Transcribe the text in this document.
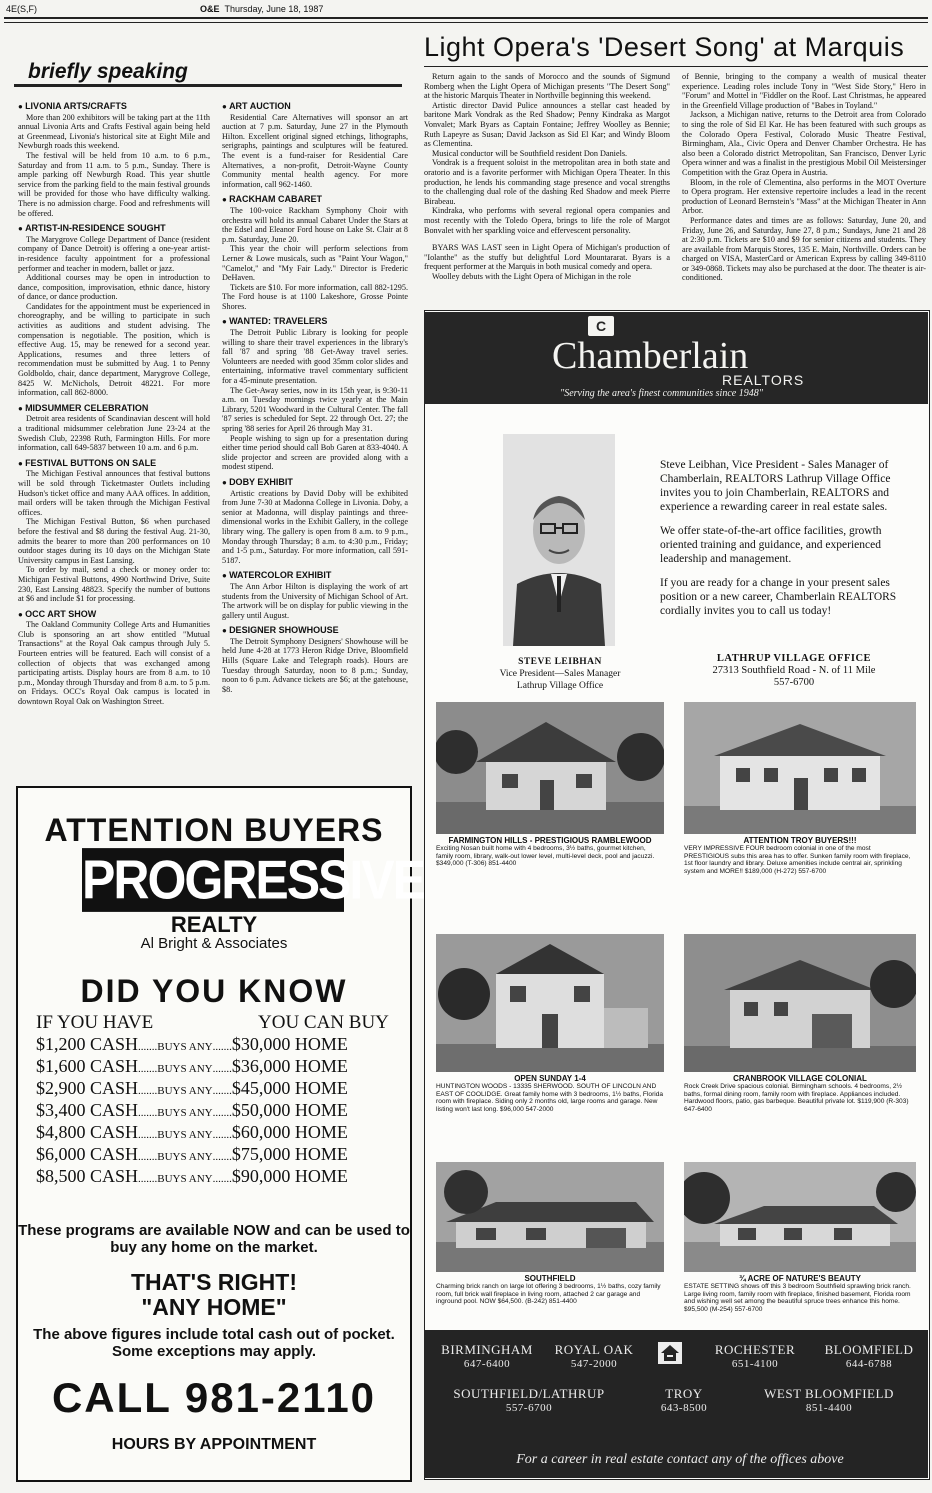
4E(S,F)	O&E Thursday, June 18, 1987
Light Opera's 'Desert Song' at Marquis
briefly speaking
● LIVONIA ARTS/CRAFTS

More than 200 exhibitors will be taking part at the 11th annual Livonia Arts and Crafts Festival again being held at Greenmead, Livonia's historical site at Eight Mile and Newburgh roads this weekend.

The festival will be held from 10 a.m. to 6 p.m., Saturday and from 11 a.m. to 5 p.m., Sunday. There is ample parking off Newburgh Road. This year shuttle service from the parking field to the main festival grounds will be provided for those who have difficulty walking. There is no admission charge. Food and refreshments will be offered.

● ARTIST-IN-RESIDENCE SOUGHT

The Marygrove College Department of Dance (resident company of Dance Detroit) is offering a one-year artist-in-residence faculty appointment for a professional performer and teacher in modern, ballet or jazz.

Additional courses may be open in introduction to dance, composition, improvisation, ethnic dance, history of dance, or dance production.

Candidates for the appointment must be experienced in choreography, and be willing to participate in such activities as auditions and student advising. The compensation is negotiable. The position, which is effective Aug. 15, may be renewed for a second year. Applications, resumes and three letters of recommendation must be submitted by Aug. 1 to Penny Goldboldo, chair, dance department, Marygrove College, 8425 W. McNichols, Detroit 48221. For more information, call 862-8000.

● MIDSUMMER CELEBRATION

Detroit area residents of Scandinavian descent will hold a traditional midsummer celebration June 23-24 at the Swedish Club, 22398 Ruth, Farmington Hills. For more information, call 649-5837 between 10 a.m. and 6 p.m.

● FESTIVAL BUTTONS ON SALE

The Michigan Festival announces that festival buttons will be sold through Ticketmaster Outlets including Hudson's ticket office and many AAA offices. In addition, mail orders will be taken through the Michigan Festival offices.

The Michigan Festival Button, $6 when purchased before the festival and $8 during the festival Aug. 21-30, admits the bearer to more than 200 performances on 10 outdoor stages during its 10 days on the Michigan State University campus in East Lansing.

To order by mail, send a check or money order to: Michigan Festival Buttons, 4990 Northwind Drive, Suite 230, East Lansing 48823. Specify the number of buttons at $6 and include $1 for processing.

● OCC ART SHOW

The Oakland Community College Arts and Humanities Club is sponsoring an art show entitled "Mutual Transactions" at the Royal Oak campus through July 5. Fourteen entries will be featured. Each will consist of a collection of objects that was exchanged among participating artists. Display hours are from 8 a.m. to 10 p.m., Monday through Thursday and from 8 a.m. to 5 p.m. on Fridays. OCC's Royal Oak campus is located in downtown Royal Oak on Washington Street.

● ART AUCTION

Residential Care Alternatives will sponsor an art auction at 7 p.m. Saturday, June 27 in the Plymouth Hilton. Excellent original signed etchings, lithographs, serigraphs, paintings and sculptures will be featured. The event is a fund-raiser for Residential Care Alternatives, a non-profit, Detroit-Wayne County Community mental health agency. For more information, call 962-1460.

● RACKHAM CABARET

The 100-voice Rackham Symphony Choir with orchestra will hold its annual Cabaret Under the Stars at the Edsel and Eleanor Ford house on Lake St. Clair at 8 p.m. Saturday, June 20.

This year the choir will perform selections from Lerner & Lowe musicals, such as "Paint Your Wagon," "Camelot," and "My Fair Lady." Director is Frederic DeHaven.

Tickets are $10. For more information, call 882-1295. The Ford house is at 1100 Lakeshore, Grosse Pointe Shores.

● WANTED: TRAVELERS

The Detroit Public Library is looking for people willing to share their travel experiences in the library's fall '87 and spring '88 Get-Away travel series. Volunteers are needed with good 35mm color slides and entertaining, informative travel commentary sufficient for a 45-minute presentation.

The Get-Away series, now in its 15th year, is 9:30-11 a.m. on Tuesday mornings twice yearly at the Main Library, 5201 Woodward in the Cultural Center. The fall '87 series is scheduled for Sept. 22 through Oct. 27; the spring '88 series for April 26 through May 31.

People wishing to sign up for a presentation during either time period should call Bob Garen at 833-4040. A slide projector and screen are provided along with a modest stipend.

● DOBY EXHIBIT

Artistic creations by David Doby will be exhibited from June 7-30 at Madonna College in Livonia. Doby, a senior at Madonna, will display paintings and three-dimensional works in the Exhibit Gallery, in the college library wing. The gallery is open from 8 a.m. to 9 p.m., Monday through Thursday; 8 a.m. to 4:30 p.m., Friday; and 1-5 p.m., Saturday. For more information, call 591-5187.

● WATERCOLOR EXHIBIT

The Ann Arbor Hilton is displaying the work of art students from the University of Michigan School of Art. The artwork will be on display for public viewing in the gallery until August.

● DESIGNER SHOWHOUSE

The Detroit Symphony Designers' Showhouse will be held June 4-28 at 1773 Heron Ridge Drive, Bloomfield Hills (Square Lake and Telegraph roads). Hours are Tuesday through Saturday, noon to 8 p.m.; Sunday, noon to 6 p.m. Advance tickets are $6; at the gatehouse, $8.

Return again to the sands of Morocco and the sounds of Sigmund Romberg when the Light Opera of Michigan presents "The Desert Song" at the historic Marquis Theater in Northville beginning this weekend.

Artistic director David Pulice announces a stellar cast headed by baritone Mark Vondrak as the Red Shadow; Penny Kindraka as Margot Vonvalet; Mark Byars as Captain Fontaine; Jeffrey Woolley as Bennie; Ruth Lapeyre as Susan; David Jackson as Sid El Kar; and Windy Bloom as Clementina.

Musical conductor will be Southfield resident Don Daniels.

Vondrak is a frequent soloist in the metropolitan area in both state and oratorio and is a favorite performer with Michigan Opera Theater. In this production, he lends his commanding stage presence and vocal strengths to the challenging dual role of the dashing Red Shadow and meek Pierre Birabeau.

Kindraka, who performs with several regional opera companies and most recently with the Toledo Opera, brings to life the role of Margot Bonvalet with her sparkling voice and effervescent personality.

BYARS WAS LAST seen in Light Opera of Michigan's production of "Iolanthe" as the stuffy but delightful Lord Mountararat. Byars is a frequent performer at the Marquis in both musical comedy and opera.

Woolley debuts with the Light Opera of Michigan in the role

of Bennie, bringing to the company a wealth of musical theater experience. Leading roles include Tony in "West Side Story," Hero in "Forum" and Mottel in "Fiddler on the Roof. Last Christmas, he appeared in the Greenfield Village production of "Babes in Toyland."

Jackson, a Michigan native, returns to the Detroit area from Colorado to sing the role of Sid El Kar. He has been featured with such groups as the Colorado Opera Festival, Colorado Music Theatre Festival, Birmingham, Ala., Civic Opera and Denver Chamber Orchestra. He has also been a Colorado district Metropolitan, San Francisco, Denver Lyric Opera winner and was a finalist in the prestigious Mobil Oil Meistersinger Competition with the Graz Opera in Austria.

Bloom, in the role of Clementina, also performs in the MOT Overture to Opera program. Her extensive repertoire includes a lead in the recent production of Leonard Bernstein's "Mass" at the Michigan Theater in Ann Arbor.

Performance dates and times are as follows: Saturday, June 20, and Friday, June 26, and Saturday, June 27, 8 p.m.; Sundays, June 21 and 28 at 2:30 p.m. Tickets are $10 and $9 for senior citizens and students. They are available from Marquis Stores, 135 E. Main, Northville. Orders can be charged on VISA, MasterCard or American Express by calling 349-8110 or 349-0868. Tickets may also be purchased at the door. The theater is air-conditioned.

ATTENTION BUYERS
PROGRESSIVE
REALTY
Al Bright & Associates
DID YOU KNOW
IF YOU HAVE	YOU CAN BUY
$1,200 CASH ....... BUYS ANY ....... $30,000 HOME
$1,600 CASH ....... BUYS ANY ....... $36,000 HOME
$2,900 CASH ....... BUYS ANY ....... $45,000 HOME
$3,400 CASH ....... BUYS ANY ....... $50,000 HOME
$4,800 CASH ....... BUYS ANY ....... $60,000 HOME
$6,000 CASH ....... BUYS ANY ....... $75,000 HOME
$8,500 CASH ....... BUYS ANY ....... $90,000 HOME
These programs are available NOW and can be used to buy any home on the market.
THAT'S RIGHT!
"ANY HOME"
The above figures include total cash out of pocket. Some exceptions may apply.
CALL 981-2110
HOURS BY APPOINTMENT
C
Chamberlain
REALTORS
"Serving the area's finest communities since 1948"
STEVE LEIBHAN
Vice President—Sales Manager
Lathrup Village Office

Steve Leibhan, Vice President - Sales Manager of Chamberlain, REALTORS Lathrup Village Office invites you to join Chamberlain, REALTORS and experience a rewarding career in real estate sales.

We offer state-of-the-art office facilities, growth oriented training and guidance, and experienced leadership and management.

If you are ready for a change in your present sales position or a new career, Chamberlain REALTORS cordially invites you to call us today!

LATHRUP VILLAGE OFFICE
27313 Southfield Road - N. of 11 Mile
557-6700
FARMINGTON HILLS - PRESTIGIOUS RAMBLEWOOD
Exciting Nosan built home with 4 bedrooms, 3½ baths, gourmet kitchen, family room, library, walk-out lower level, multi-level deck, pool and jacuzzi. $349,000 (T-306) 851-4400
ATTENTION TROY BUYERS!!!
VERY IMPRESSIVE FOUR bedroom colonial in one of the most PRESTIGIOUS subs this area has to offer. Sunken family room with fireplace, 1st floor laundry and library. Deluxe amenities include central air, sprinkling system and MORE!! $189,000 (H-272) 557-6700
OPEN SUNDAY 1-4
HUNTINGTON WOODS - 13335 SHERWOOD. SOUTH OF LINCOLN AND EAST OF COOLIDGE. Great family home with 3 bedrooms, 1½ baths, Florida room with fireplace. Siding only 2 months old, large rooms and garage. New listing won't last long. $96,000 547-2000
CRANBROOK VILLAGE COLONIAL
Rock Creek Drive spacious colonial. Birmingham schools. 4 bedrooms, 2½ baths, formal dining room, family room with fireplace. Appliances included. Hardwood floors, patio, gas barbeque. Beautiful private lot. $119,900 (R-303) 647-6400
SOUTHFIELD
Charming brick ranch on large lot offering 3 bedrooms, 1½ baths, cozy family room, full brick wall fireplace in living room, attached 2 car garage and inground pool. NOW $64,500. (B-242) 851-4400
¾ ACRE OF NATURE'S BEAUTY
ESTATE SETTING shows off this 3 bedroom Southfield sprawling brick ranch. Large living room, family room with fireplace, finished basement, Florida room and wishing well set among the beautiful spruce trees enhance this home. $95,500 (M-254) 557-6700
BIRMINGHAM
647-6400
ROYAL OAK
547-2000
ROCHESTER
651-4100
BLOOMFIELD
644-6788
SOUTHFIELD/LATHRUP
557-6700
TROY
643-8500
WEST BLOOMFIELD
851-4400
For a career in real estate contact any of the offices above
